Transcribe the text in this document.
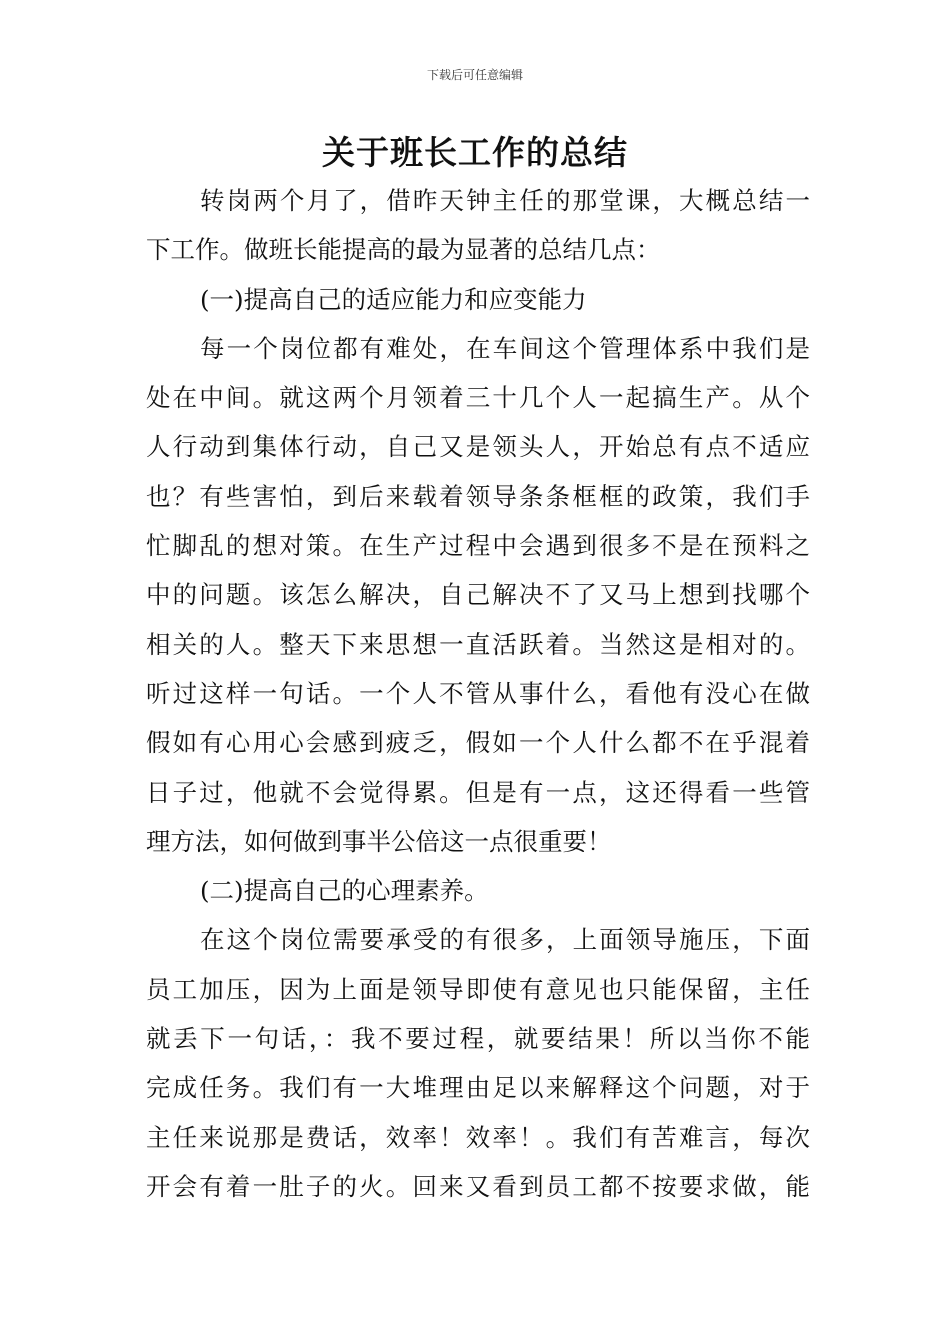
下载后可任意编辑
关于班长工作的总结
转岗两个月了，借昨天钟主任的那堂课，大概总结一
下工作。做班长能提高的最为显著的总结几点：
(一)提高自己的适应能力和应变能力
每一个岗位都有难处，在车间这个管理体系中我们是
处在中间。就这两个月领着三十几个人一起搞生产。从个
人行动到集体行动，自己又是领头人，开始总有点不适应
也？有些害怕，到后来载着领导条条框框的政策，我们手
忙脚乱的想对策。在生产过程中会遇到很多不是在预料之
中的问题。该怎么解决，自己解决不了又马上想到找哪个
相关的人。整天下来思想一直活跃着。当然这是相对的。
听过这样一句话。一个人不管从事什么，看他有没心在做
假如有心用心会感到疲乏，假如一个人什么都不在乎混着
日子过，他就不会觉得累。但是有一点，这还得看一些管
理方法，如何做到事半公倍这一点很重要！
(二)提高自己的心理素养。
在这个岗位需要承受的有很多，上面领导施压，下面
员工加压，因为上面是领导即使有意见也只能保留，主任
就丢下一句话，：我不要过程，就要结果！所以当你不能
完成任务。我们有一大堆理由足以来解释这个问题，对于
主任来说那是费话，效率！效率！。我们有苦难言，每次
开会有着一肚子的火。回来又看到员工都不按要求做，能
